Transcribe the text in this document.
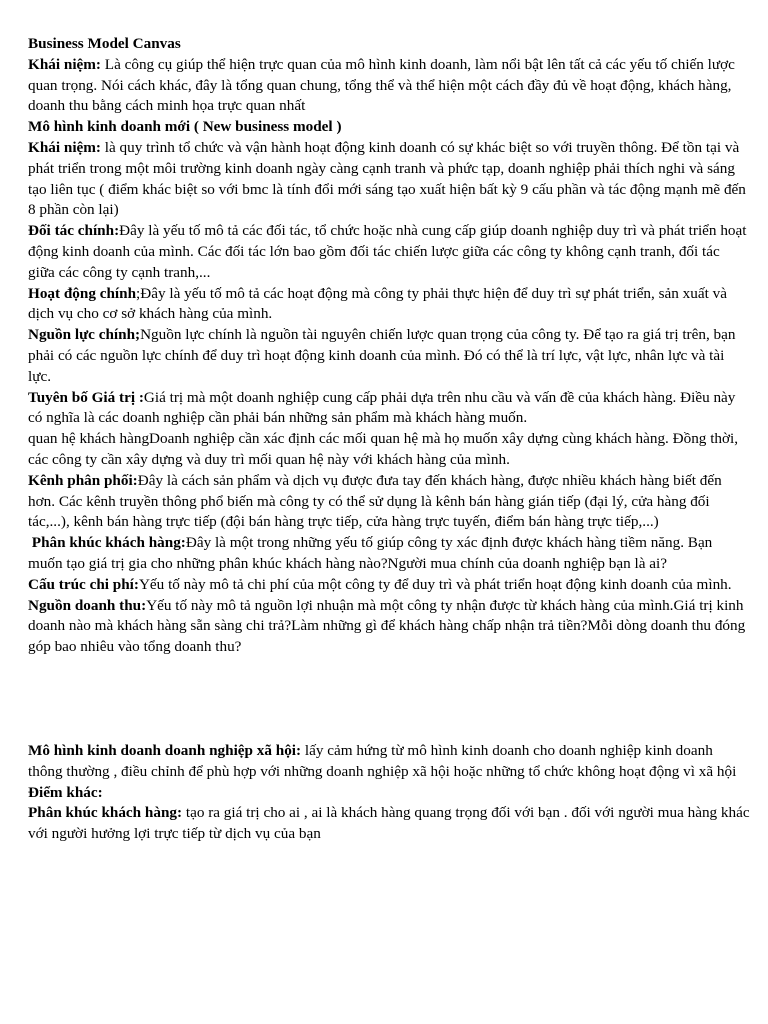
Business Model Canvas

Khái niệm: Là công cụ giúp thể hiện trực quan của mô hình kinh doanh, làm nổi bật lên tất cả các yếu tố chiến lược quan trọng. Nói cách khác, đây là tổng quan chung, tổng thể và thể hiện một cách đầy đủ về hoạt động, khách hàng, doanh thu bằng cách minh họa trực quan nhất

Mô hình kinh doanh mới ( New business model )

Khái niệm: là quy trình tổ chức và vận hành hoạt động kinh doanh có sự khác biệt so với truyền thông. Để tồn tại và phát triển trong một môi trường kinh doanh ngày càng cạnh tranh và phức tạp, doanh nghiệp phải thích nghi và sáng tạo liên tục ( điểm khác biệt so với bmc là tính đổi mới sáng tạo xuất hiện bất kỳ 9 cấu phần và tác động mạnh mẽ đến 8 phần còn lại)

Đối tác chính:Đây là yếu tố mô tả các đối tác, tổ chức hoặc nhà cung cấp giúp doanh nghiệp duy trì và phát triển hoạt động kinh doanh của mình. Các đối tác lớn bao gồm đối tác chiến lược giữa các công ty không cạnh tranh, đối tác giữa các công ty cạnh tranh,...

Hoạt động chính;Đây là yếu tố mô tả các hoạt động mà công ty phải thực hiện để duy trì sự phát triển, sản xuất và dịch vụ cho cơ sở khách hàng của mình.

Nguồn lực chính;Nguồn lực chính là nguồn tài nguyên chiến lược quan trọng của công ty. Để tạo ra giá trị trên, bạn phải có các nguồn lực chính để duy trì hoạt động kinh doanh của mình. Đó có thể là trí lực, vật lực, nhân lực và tài lực.

Tuyên bố Giá trị :Giá trị mà một doanh nghiệp cung cấp phải dựa trên nhu cầu và vấn đề của khách hàng. Điều này có nghĩa là các doanh nghiệp cần phải bán những sản phẩm mà khách hàng muốn.

quan hệ khách hàngDoanh nghiệp cần xác định các mối quan hệ mà họ muốn xây dựng cùng khách hàng. Đồng thời, các công ty cần xây dựng và duy trì mối quan hệ này với khách hàng của mình.

Kênh phân phối:Đây là cách sản phẩm và dịch vụ được đưa tay đến khách hàng, được nhiều khách hàng biết đến hơn. Các kênh truyền thông phổ biến mà công ty có thể sử dụng là kênh bán hàng gián tiếp (đại lý, cửa hàng đối tác,...), kênh bán hàng trực tiếp (đội bán hàng trực tiếp, cửa hàng trực tuyến, điểm bán hàng trực tiếp,...)

Phân khúc khách hàng:Đây là một trong những yếu tố giúp công ty xác định được khách hàng tiềm năng. Bạn muốn tạo giá trị gia cho những phân khúc khách hàng nào?Người mua chính của doanh nghiệp bạn là ai?

Cấu trúc chi phí:Yếu tố này mô tả chi phí của một công ty để duy trì và phát triển hoạt động kinh doanh của mình.

Nguồn doanh thu:Yếu tố này mô tả nguồn lợi nhuận mà một công ty nhận được từ khách hàng của mình.Giá trị kinh doanh nào mà khách hàng sẵn sàng chi trả?Làm những gì để khách hàng chấp nhận trả tiền?Mỗi dòng doanh thu đóng góp bao nhiêu vào tổng doanh thu?

Mô hình kinh doanh doanh nghiệp xã hội: lấy cảm hứng từ mô hình kinh doanh cho doanh nghiệp kinh doanh thông thường , điều chỉnh để phù hợp với những doanh nghiệp xã hội hoặc những tổ chức không hoạt động vì xã hội

Điểm khác:

Phân khúc khách hàng: tạo ra giá trị cho ai , ai là khách hàng quang trọng đối với bạn . đối với người mua hàng khác với người hưởng lợi trực tiếp từ dịch vụ của bạn
